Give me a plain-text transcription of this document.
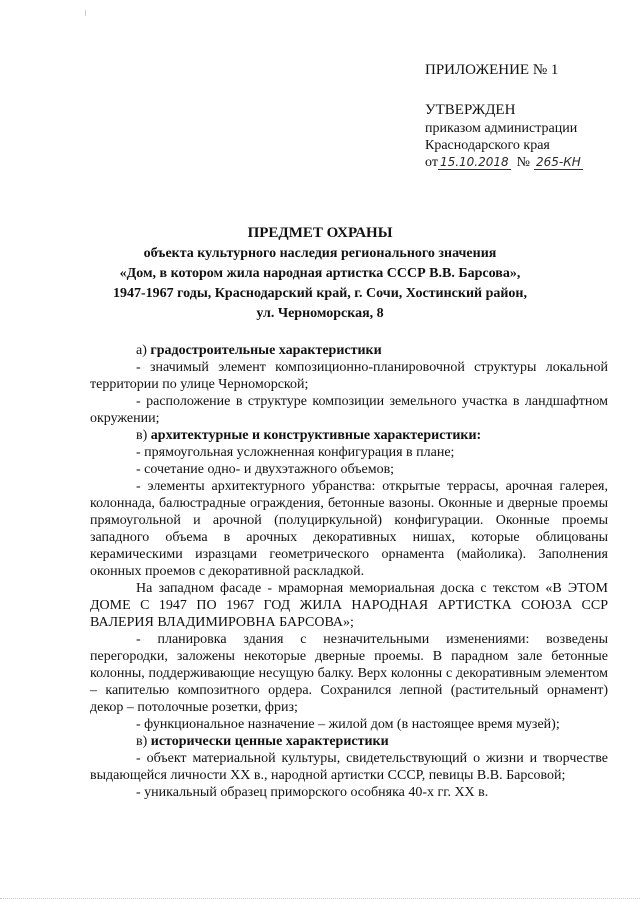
ПРИЛОЖЕНИЕ № 1
УТВЕРЖДЕН
приказом администрации
Краснодарского края
от 15.10.2018 № 265-КН
ПРЕДМЕТ ОХРАНЫ
объекта культурного наследия регионального значения
«Дом, в котором жила народная артистка СССР В.В. Барсова»,
1947-1967 годы, Краснодарский край, г. Сочи, Хостинский район,
ул. Черноморская, 8

а) градостроительные характеристики

- значимый элемент композиционно-планировочной структуры локальной территории по улице Черноморской;

- расположение в структуре композиции земельного участка в ландшафтном окружении;

в) архитектурные и конструктивные характеристики:

- прямоугольная усложненная конфигурация в плане;

- сочетание одно- и двухэтажного объемов;

- элементы архитектурного убранства: открытые террасы, арочная галерея, колоннада, балюстрадные ограждения, бетонные вазоны. Оконные и дверные проемы прямоугольной и арочной (полуциркульной) конфигурации. Оконные проемы западного объема в арочных декоративных нишах, которые облицованы керамическими изразцами геометрического орнамента (майолика). Заполнения оконных проемов с декоративной раскладкой.

На западном фасаде - мраморная мемориальная доска с текстом «В ЭТОМ ДОМЕ С 1947 ПО 1967 ГОД ЖИЛА НАРОДНАЯ АРТИСТКА СОЮЗА ССР ВАЛЕРИЯ ВЛАДИМИРОВНА БАРСОВА»;

- планировка здания с незначительными изменениями: возведены перегородки, заложены некоторые дверные проемы. В парадном зале бетонные колонны, поддерживающие несущую балку. Верх колонны с декоративным элементом – капителью композитного ордера. Сохранился лепной (растительный орнамент) декор – потолочные розетки, фриз;

- функциональное назначение – жилой дом (в настоящее время музей);

в) исторически ценные характеристики

- объект материальной культуры, свидетельствующий о жизни и творчестве выдающейся личности XX в., народной артистки СССР, певицы В.В. Барсовой;

- уникальный образец приморского особняка 40-х гг. XX в.
